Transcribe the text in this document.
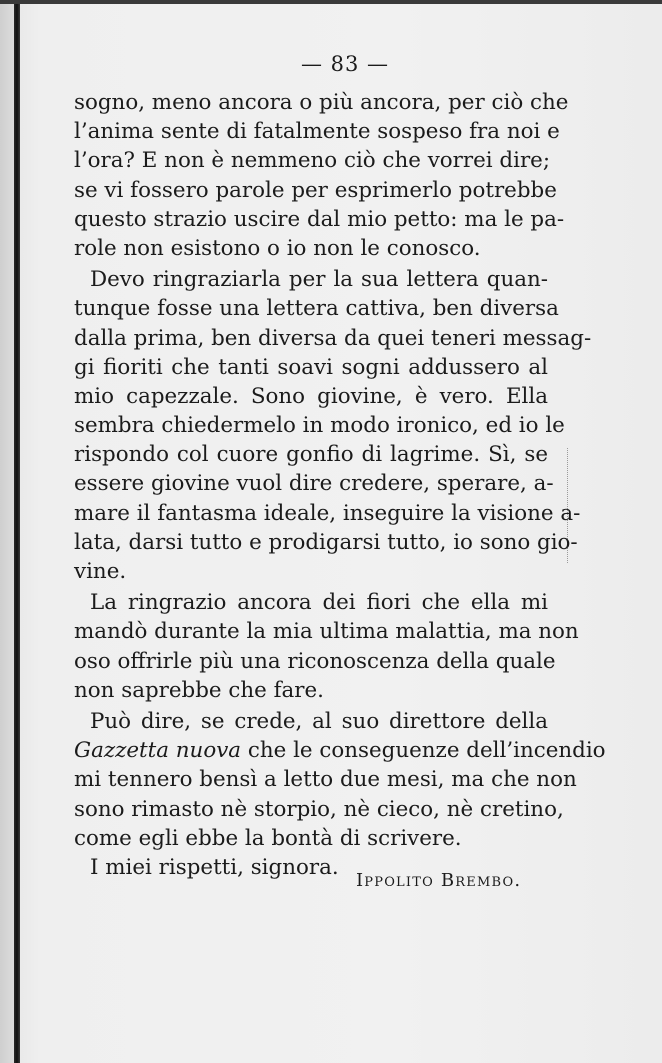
— 83 —
sogno, meno ancora o più ancora, per ciò che
l’anima sente di fatalmente sospeso fra noi e
l’ora? E non è nemmeno ciò che vorrei dire;
se vi fossero parole per esprimerlo potrebbe
questo strazio uscire dal mio petto: ma le pa-
role non esistono o io non le conosco.
Devo ringraziarla per la sua lettera quan-
tunque fosse una lettera cattiva, ben diversa
dalla prima, ben diversa da quei teneri messag-
gi fioriti che tanti soavi sogni addussero al
mio capezzale. Sono giovine, è vero. Ella
sembra chiedermelo in modo ironico, ed io le
rispondo col cuore gonfio di lagrime. Sì, se
essere giovine vuol dire credere, sperare, a-
mare il fantasma ideale, inseguire la visione a-
lata, darsi tutto e prodigarsi tutto, io sono gio-
vine.
La ringrazio ancora dei fiori che ella mi
mandò durante la mia ultima malattia, ma non
oso offrirle più una riconoscenza della quale
non saprebbe che fare.
Può dire, se crede, al suo direttore della
Gazzetta nuova che le conseguenze dell’incendio
mi tennero bensì a letto due mesi, ma che non
sono rimasto nè storpio, nè cieco, nè cretino,
come egli ebbe la bontà di scrivere.
I miei rispetti, signora.
Ippolito Brembo.
